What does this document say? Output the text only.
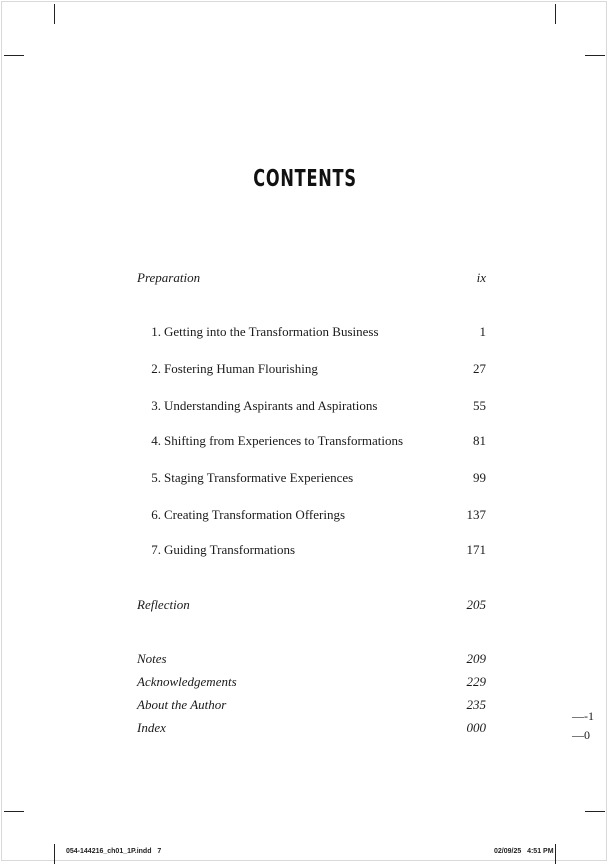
CONTENTS
Preparation	ix
1. Getting into the Transformation Business	1
2. Fostering Human Flourishing	27
3. Understanding Aspirants and Aspirations	55
4. Shifting from Experiences to Transformations	81
5. Staging Transformative Experiences	99
6. Creating Transformation Offerings	137
7. Guiding Transformations	171
Reflection	205
Notes	209
Acknowledgements	229
About the Author	235
Index	000
—-1
—0
054-144216_ch01_1P.indd   7	02/09/25   4:51 PM
